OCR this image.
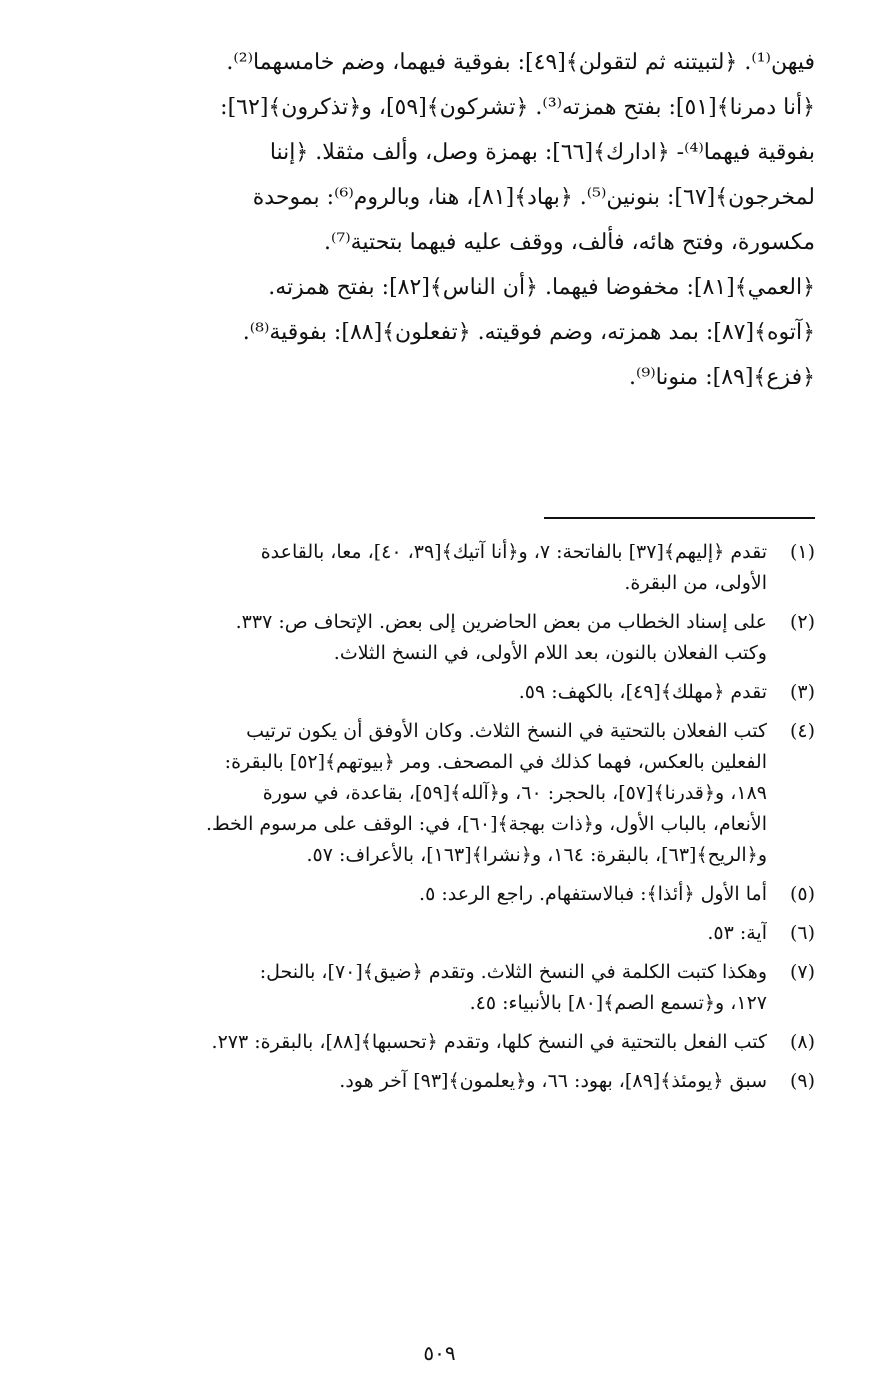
فيهن⁽¹⁾. ﴿لتبيتنه ثم لتقولن﴾[٤٩]: بفوقية فيهما، وضم خامسهما⁽²⁾.
﴿أنا دمرنا﴾[٥١]: بفتح همزته⁽³⁾. ﴿تشركون﴾[٥٩]، و﴿تذكرون﴾[٦٢]:
بفوقية فيهما⁽⁴⁾- ﴿ادارك﴾[٦٦]: بهمزة وصل، وألف مثقلا. ﴿إننا
لمخرجون﴾[٦٧]: بنونين⁽⁵⁾. ﴿بهاد﴾[٨١]، هنا، وبالروم⁽⁶⁾: بموحدة
مكسورة، وفتح هائه، فألف، ووقف عليه فيهما بتحتية⁽⁷⁾.
﴿العمي﴾[٨١]: مخفوضا فيهما. ﴿أن الناس﴾[٨٢]: بفتح همزته.
﴿آتوه﴾[٨٧]: بمد همزته، وضم فوقيته. ﴿تفعلون﴾[٨٨]: بفوقية⁽⁸⁾.
﴿فزع﴾[٨٩]: منونا⁽⁹⁾.
(١)
تقدم ﴿إليهم﴾[٣٧] بالفاتحة: ٧، و﴿أنا آتيك﴾[٣٩، ٤٠]، معا، بالقاعدة
الأولى، من البقرة.
(٢)
على إسناد الخطاب من بعض الحاضرين إلى بعض. الإتحاف ص: ٣٣٧.
وكتب الفعلان بالنون، بعد اللام الأولى، في النسخ الثلاث.
(٣)
تقدم ﴿مهلك﴾[٤٩]، بالكهف: ٥٩.
(٤)
كتب الفعلان بالتحتية في النسخ الثلاث. وكان الأوفق أن يكون ترتيب
الفعلين بالعكس، فهما كذلك في المصحف. ومر ﴿بيوتهم﴾[٥٢] بالبقرة:
١٨٩، و﴿قدرنا﴾[٥٧]، بالحجر: ٦٠، و﴿آلله﴾[٥٩]، بقاعدة، في سورة
الأنعام، بالباب الأول، و﴿ذات بهجة﴾[٦٠]، في: الوقف على مرسوم الخط.
و﴿الريح﴾[٦٣]، بالبقرة: ١٦٤، و﴿نشرا﴾[١٦٣]، بالأعراف: ٥٧.
(٥)
أما الأول ﴿أئذا﴾: فبالاستفهام. راجع الرعد: ٥.
(٦)
آية: ٥٣.
(٧)
وهكذا كتبت الكلمة في النسخ الثلاث. وتقدم ﴿ضيق﴾[٧٠]، بالنحل:
١٢٧، و﴿تسمع الصم﴾[٨٠] بالأنبياء: ٤٥.
(٨)
كتب الفعل بالتحتية في النسخ كلها، وتقدم ﴿تحسبها﴾[٨٨]، بالبقرة: ٢٧٣.
(٩)
سبق ﴿يومئذ﴾[٨٩]، بهود: ٦٦، و﴿يعلمون﴾[٩٣] آخر هود.
٥٠٩
